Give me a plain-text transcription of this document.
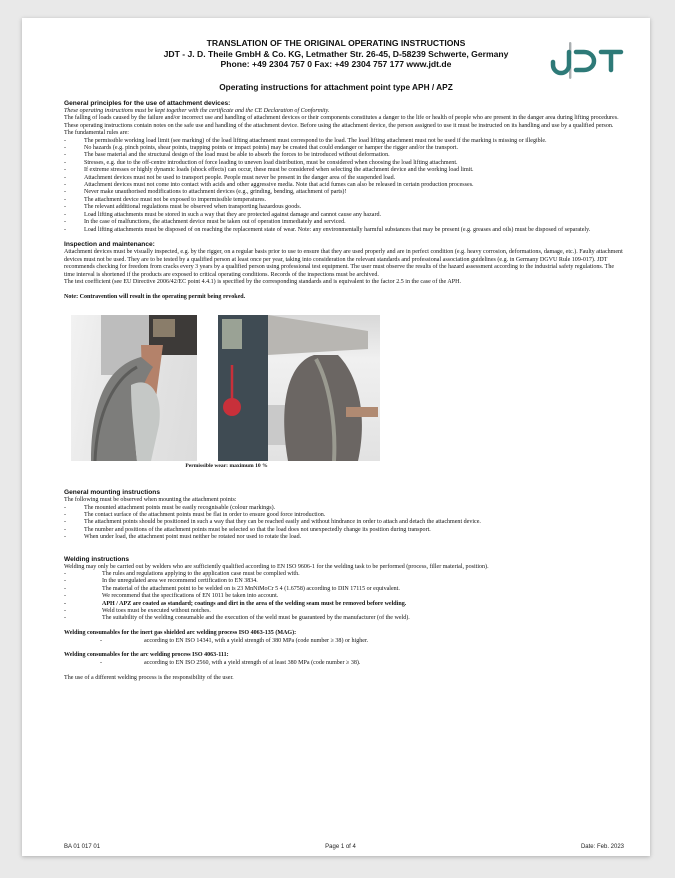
TRANSLATION OF THE ORIGINAL OPERATING INSTRUCTIONS
JDT - J. D. Theile GmbH & Co. KG, Letmather Str. 26-45, D-58239 Schwerte, Germany
Phone: +49 2304 757 0 Fax: +49 2304 757 177 www.jdt.de
Operating instructions for attachment point type APH / APZ

General principles for the use of attachment devices:

These operating instructions must be kept together with the certificate and the CE Declaration of Conformity.

The falling of loads caused by the failure and/or incorrect use and handling of attachment devices or their components constitutes a danger to the life or health of people who are present in the danger area during lifting procedures.

These operating instructions contain notes on the safe use and handling of the attachment device. Before using the attachment device, the person assigned to use it must be instructed on its handling and use by a qualified person.

The fundamental rules are:

-	The permissible working load limit (see marking) of the load lifting attachment must correspond to the load. The load lifting attachment must not be used if the marking is missing or illegible.
-	No hazards (e.g. pinch points, shear points, trapping points or impact points) may be created that could endanger or hamper the rigger and/or the transport.
-	The base material and the structural design of the load must be able to absorb the forces to be introduced without deformation.
-	Stresses, e.g. due to the off-centre introduction of force leading to uneven load distribution, must be considered when choosing the load lifting attachment.
-	If extreme stresses or highly dynamic loads (shock effects) can occur, these must be considered when selecting the attachment device and the working load limit.
-	Attachment devices must not be used to transport people. People must never be present in the danger area of the suspended load.
-	Attachment devices must not come into contact with acids and other aggressive media. Note that acid fumes can also be released in certain production processes.
-	Never make unauthorised modifications to attachment devices (e.g., grinding, bending, attachment of parts)!
-	The attachment device must not be exposed to impermissible temperatures.
-	The relevant additional regulations must be observed when transporting hazardous goods.
-	Load lifting attachments must be stored in such a way that they are protected against damage and cannot cause any hazard.
-	In the case of malfunctions, the attachment device must be taken out of operation immediately and serviced.
-	Load lifting attachments must be disposed of on reaching the replacement state of wear. Note: any environmentally harmful substances that may be present (e.g. greases and oils) must be disposed of separately.

Inspection and maintenance:

Attachment devices must be visually inspected, e.g. by the rigger, on a regular basis prior to use to ensure that they are used properly and are in perfect condition (e.g. heavy corrosion, deformations, damage, etc.). Faulty attachment devices must not be used. They are to be tested by a qualified person at least once per year, taking into consideration the relevant standards and professional association guidelines (e.g. in Germany DGVU Rule 109-017). JDT recommends checking for freedom from cracks every 3 years by a qualified person using professional test equipment. The user must observe the results of the hazard assessment according to the industrial safety regulations. The time interval is shortened if the products are exposed to critical operating conditions. Records of the inspections must be archived.

The test coefficient (see EU Directive 2006/42/EC point 4.4.1) is specified by the corresponding standards and is equivalent to the factor 2.5 in the case of the APH.

Note: Contravention will result in the operating permit being revoked.

Permissible wear: maximum 10 %

General mounting instructions

The following must be observed when mounting the attachment points:

-	The mounted attachment points must be easily recognisable (colour markings).
-	The contact surface of the attachment points must be flat in order to ensure good force introduction.
-	The attachment points should be positioned in such a way that they can be reached easily and without hindrance in order to attach and detach the attachment device.
-	The number and positions of the attachment points must be selected so that the load does not unexpectedly change its position during transport.
-	When under load, the attachment point must neither be rotated nor used to rotate the load.

Welding instructions

Welding may only be carried out by welders who are sufficiently qualified according to EN ISO 9606-1 for the welding task to be performed (process, filler material, position).

-	The rules and regulations applying to the application case must be complied with.
-	In the unregulated area we recommend certification to EN 3834.
-	The material of the attachment point to be welded on is 23 MnNiMoCr 5 4 (1.6758) according to DIN 17115 or equivalent.
-	We recommend that the specifications of EN 1011 be taken into account.
-	APH / APZ are coated as standard; coatings and dirt in the area of the welding seam must be removed before welding.
-	Weld toes must be executed without notches.
-	The suitability of the welding consumable and the execution of the weld must be guaranteed by the manufacturer (of the weld).

Welding consumables for the inert gas shielded arc welding process ISO 4063-135 (MAG):

-	according to EN ISO 14341, with a yield strength of 380 MPa (code number ≥ 38) or higher.

Welding consumables for the arc welding process ISO 4063-111:

-	according to EN ISO 2560, with a yield strength of at least 380 MPa (code number ≥ 38).

The use of a different welding process is the responsibility of the user.

BA 01 017 01	Page 1 of 4	Date: Feb. 2023
